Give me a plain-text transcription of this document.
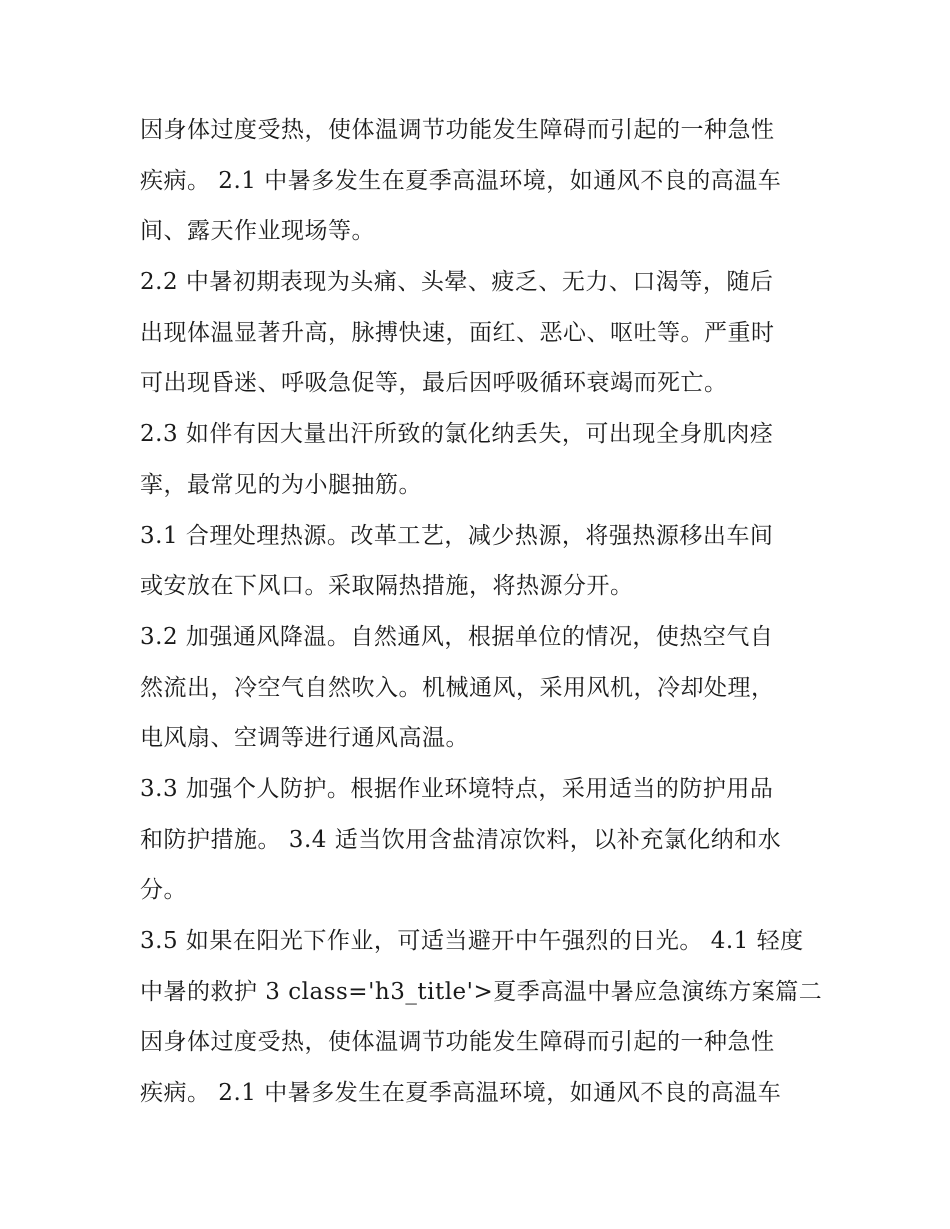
因身体过度受热，使体温调节功能发生障碍而引起的一种急性
疾病。 2.1 中暑多发生在夏季高温环境，如通风不良的高温车
间、露天作业现场等。

2.2 中暑初期表现为头痛、头晕、疲乏、无力、口渴等，随后
出现体温显著升高，脉搏快速，面红、恶心、呕吐等。严重时
可出现昏迷、呼吸急促等，最后因呼吸循环衰竭而死亡。

2.3 如伴有因大量出汗所致的氯化纳丢失，可出现全身肌肉痉
挛，最常见的为小腿抽筋。

3.1 合理处理热源。改革工艺，减少热源，将强热源移出车间
或安放在下风口。采取隔热措施，将热源分开。

3.2 加强通风降温。自然通风，根据单位的情况，使热空气自
然流出，冷空气自然吹入。机械通风，采用风机，冷却处理，
电风扇、空调等进行通风高温。

3.3 加强个人防护。根据作业环境特点，采用适当的防护用品
和防护措施。 3.4 适当饮用含盐清凉饮料，以补充氯化纳和水
分。

3.5 如果在阳光下作业，可适当避开中午强烈的日光。 4.1 轻度
中暑的救护 3 class='h3_title'>夏季高温中暑应急演练方案篇二
因身体过度受热，使体温调节功能发生障碍而引起的一种急性
疾病。 2.1 中暑多发生在夏季高温环境，如通风不良的高温车
